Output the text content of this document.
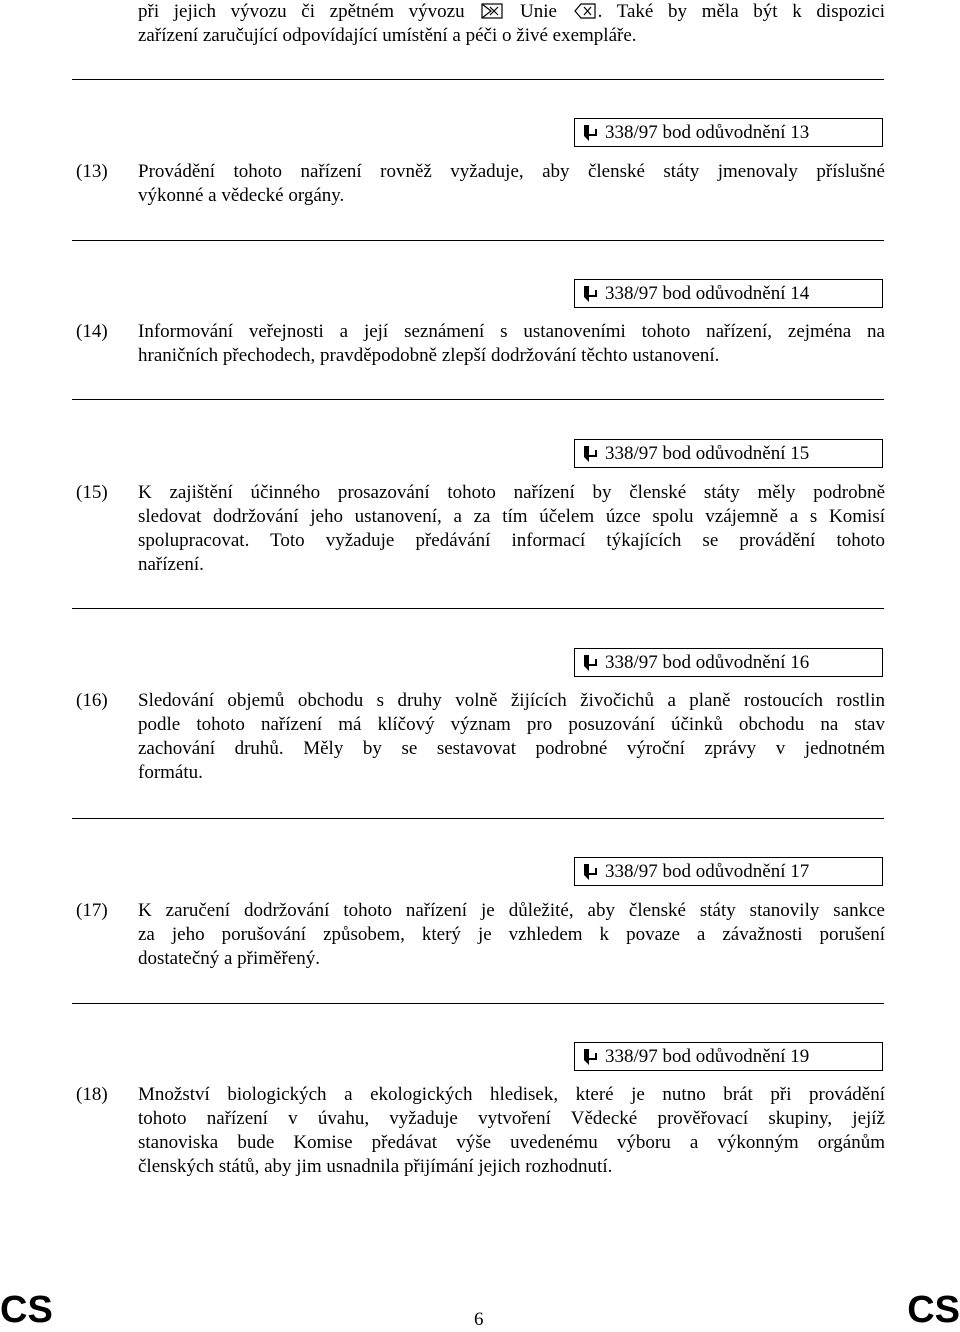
při jejich vývozu či zpětném vývozu	Unie . Také by měla být k dispozici
zařízení zaručující odpovídající umístění a péči o živé exempláře.
338/97 bod odůvodnění 13
(13) Provádění tohoto nařízení rovněž vyžaduje, aby členské státy jmenovaly příslušné
výkonné a vědecké orgány.
338/97 bod odůvodnění 14
(14) Informování veřejnosti a její seznámení s ustanoveními tohoto nařízení, zejména na
hraničních přechodech, pravděpodobně zlepší dodržování těchto ustanovení.
338/97 bod odůvodnění 15
(15) K zajištění účinného prosazování tohoto nařízení by členské státy měly podrobně
sledovat dodržování jeho ustanovení, a za tím účelem úzce spolu vzájemně a s Komisí
spolupracovat. Toto vyžaduje předávání informací týkajících se provádění tohoto
nařízení.
338/97 bod odůvodnění 16
(16) Sledování objemů obchodu s druhy volně žijících živočichů a planě rostoucích rostlin
podle tohoto nařízení má klíčový význam pro posuzování účinků obchodu na stav
zachování druhů. Měly by se sestavovat podrobné výroční zprávy v jednotném
formátu.
338/97 bod odůvodnění 17
(17) K zaručení dodržování tohoto nařízení je důležité, aby členské státy stanovily sankce
za jeho porušování způsobem, který je vzhledem k povaze a závažnosti porušení
dostatečný a přiměřený.
338/97 bod odůvodnění 19
(18) Množství biologických a ekologických hledisek, které je nutno brát při provádění
tohoto nařízení v úvahu, vyžaduje vytvoření Vědecké prověřovací skupiny, jejíž
stanoviska bude Komise předávat výše uvedenému výboru a výkonným orgánům
členských států, aby jim usnadnila přijímání jejich rozhodnutí.
CS	6	CS
